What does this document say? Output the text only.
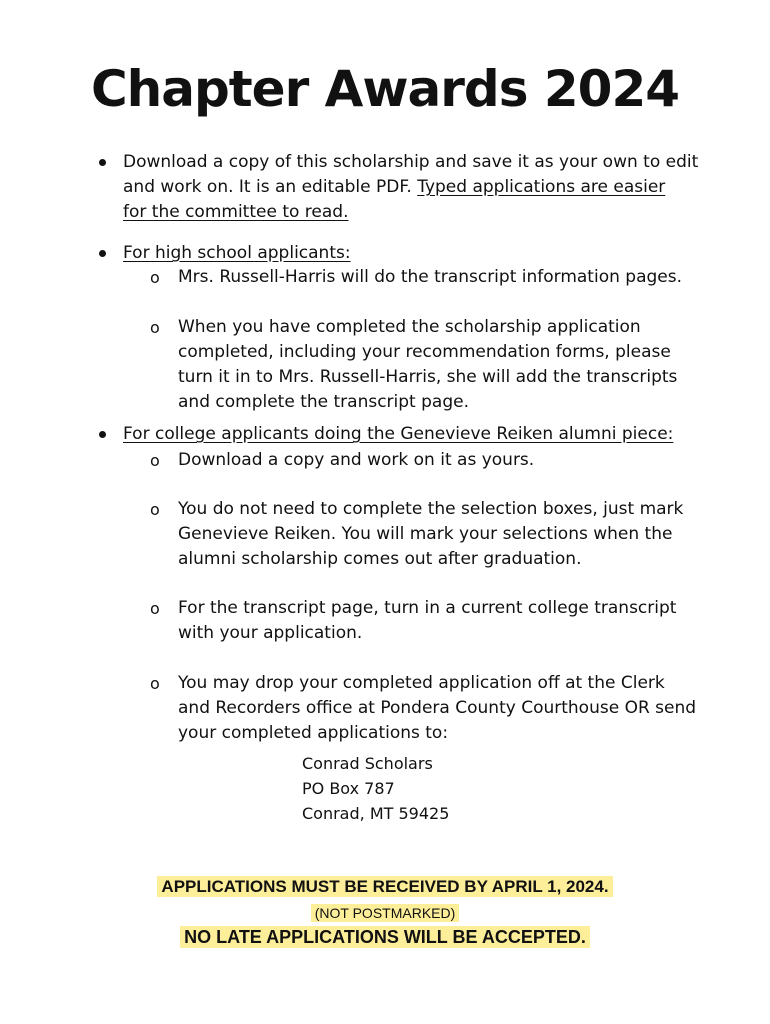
Chapter Awards 2024

Download a copy of this scholarship and save it as your own to edit

and work on. It is an editable PDF. Typed applications are easier

for the committee to read.

For high school applicants:

o Mrs. Russell-Harris will do the transcript information pages.

o When you have completed the scholarship application

completed, including your recommendation forms, please

turn it in to Mrs. Russell-Harris, she will add the transcripts

and complete the transcript page.

For college applicants doing the Genevieve Reiken alumni piece:

o Download a copy and work on it as yours.

o You do not need to complete the selection boxes, just mark

Genevieve Reiken. You will mark your selections when the

alumni scholarship comes out after graduation.

o For the transcript page, turn in a current college transcript

with your application.

o You may drop your completed application off at the Clerk

and Recorders office at Pondera County Courthouse OR send

your completed applications to:

Conrad Scholars
PO Box 787
Conrad, MT 59425

APPLICATIONS MUST BE RECEIVED BY APRIL 1, 2024.

(NOT POSTMARKED)

NO LATE APPLICATIONS WILL BE ACCEPTED.
